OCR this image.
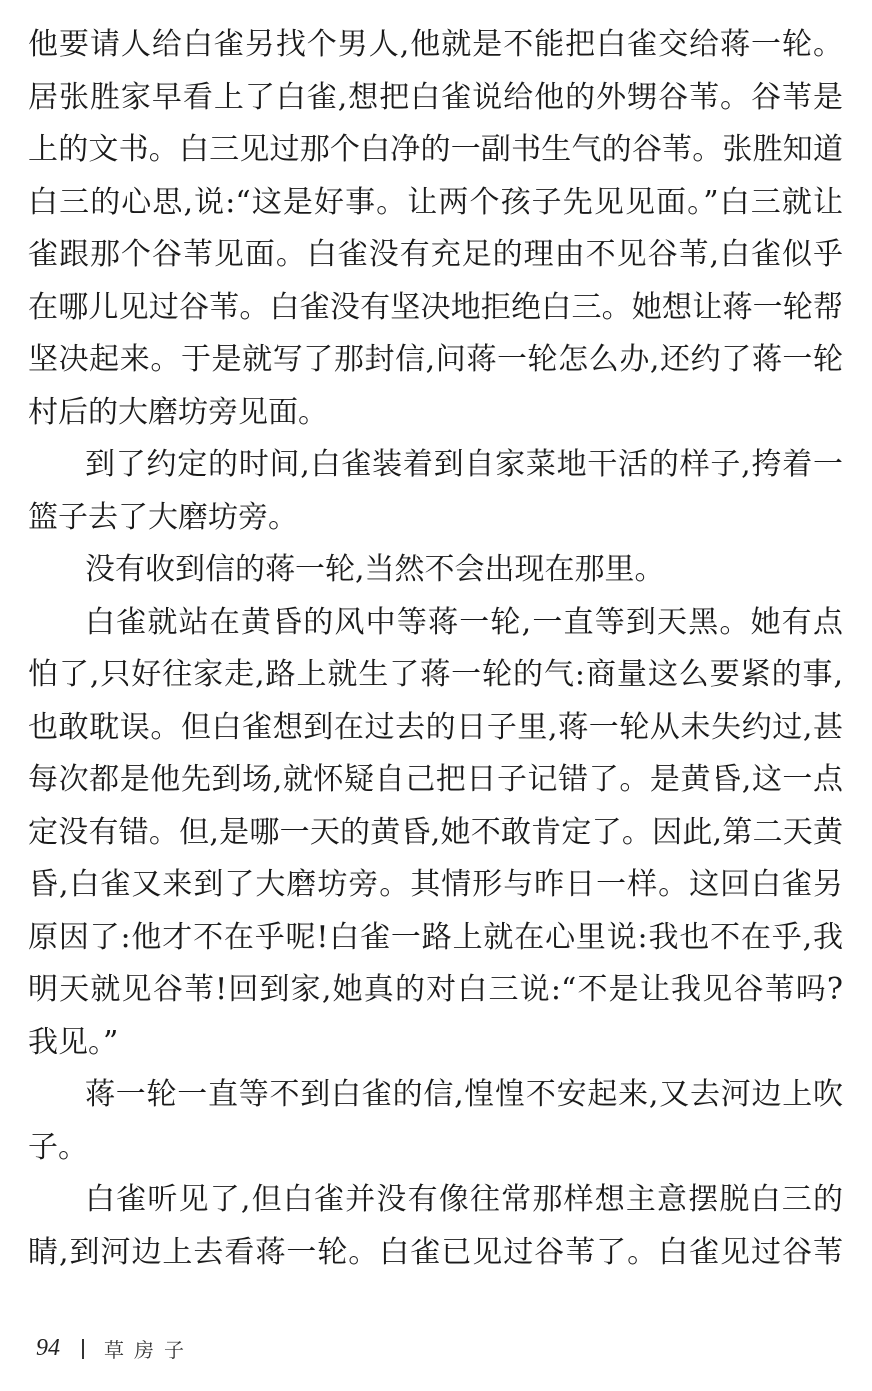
他要请人给白雀另找个男人,他就是不能把白雀交给蒋一轮。
居张胜家早看上了白雀,想把白雀说给他的外甥谷苇。谷苇是
上的文书。白三见过那个白净的一副书生气的谷苇。张胜知道
白三的心思,说:“这是好事。让两个孩子先见见面。”白三就让
雀跟那个谷苇见面。白雀没有充足的理由不见谷苇,白雀似乎
在哪儿见过谷苇。白雀没有坚决地拒绝白三。她想让蒋一轮帮
坚决起来。于是就写了那封信,问蒋一轮怎么办,还约了蒋一轮
村后的大磨坊旁见面。
到了约定的时间,白雀装着到自家菜地干活的样子,挎着一
篮子去了大磨坊旁。
没有收到信的蒋一轮,当然不会出现在那里。
白雀就站在黄昏的风中等蒋一轮,一直等到天黑。她有点
怕了,只好往家走,路上就生了蒋一轮的气:商量这么要紧的事,
也敢耽误。但白雀想到在过去的日子里,蒋一轮从未失约过,甚
每次都是他先到场,就怀疑自己把日子记错了。是黄昏,这一点
定没有错。但,是哪一天的黄昏,她不敢肯定了。因此,第二天黄
昏,白雀又来到了大磨坊旁。其情形与昨日一样。这回白雀另
原因了:他才不在乎呢!白雀一路上就在心里说:我也不在乎,我
明天就见谷苇!回到家,她真的对白三说:“不是让我见谷苇吗?
我见。”
蒋一轮一直等不到白雀的信,惶惶不安起来,又去河边上吹
子。
白雀听见了,但白雀并没有像往常那样想主意摆脱白三的
睛,到河边上去看蒋一轮。白雀已见过谷苇了。白雀见过谷苇
94 草房子
